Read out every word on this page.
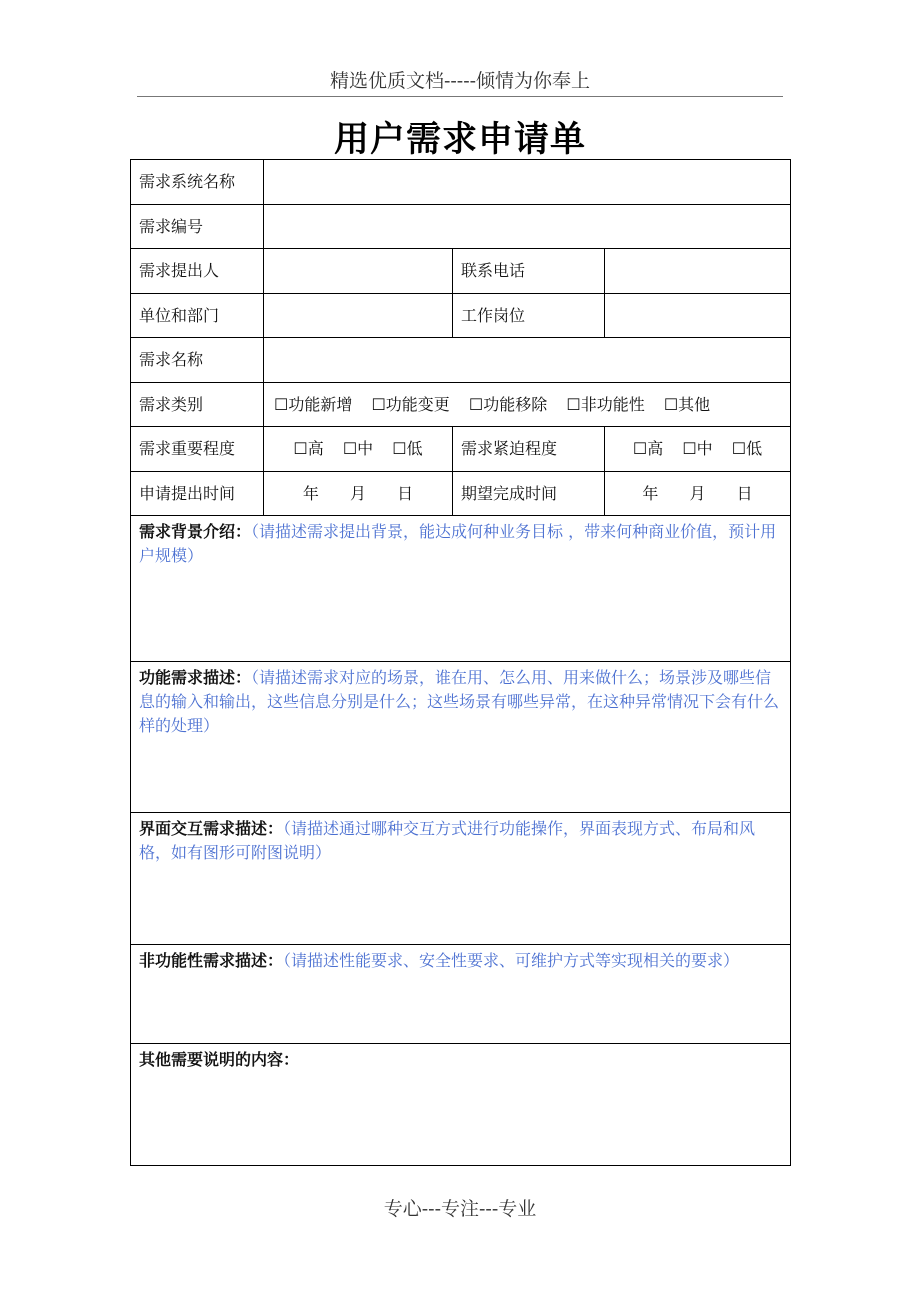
精选优质文档-----倾情为你奉上
用户需求申请单
需求系统名称			
需求编号			
需求提出人		联系电话	
单位和部门		工作岗位	
需求名称			
需求类别	☐功能新增 ☐功能变更 ☐功能移除 ☐非功能性 ☐其他		
需求重要程度	☐高 ☐中 ☐低	需求紧迫程度	☐高 ☐中 ☐低
申请提出时间	年 月 日	期望完成时间	年 月 日
需求背景介绍：（请描述需求提出背景，能达成何种业务目标 ，带来何种商业价值，预计用户规模）			
功能需求描述：（请描述需求对应的场景，谁在用、怎么用、用来做什么；场景涉及哪些信息的输入和输出，这些信息分别是什么；这些场景有哪些异常，在这种异常情况下会有什么样的处理）			
界面交互需求描述：（请描述通过哪种交互方式进行功能操作，界面表现方式、布局和风格，如有图形可附图说明）			
非功能性需求描述：（请描述性能要求、安全性要求、可维护方式等实现相关的要求）			
其他需要说明的内容：			
专心---专注---专业
